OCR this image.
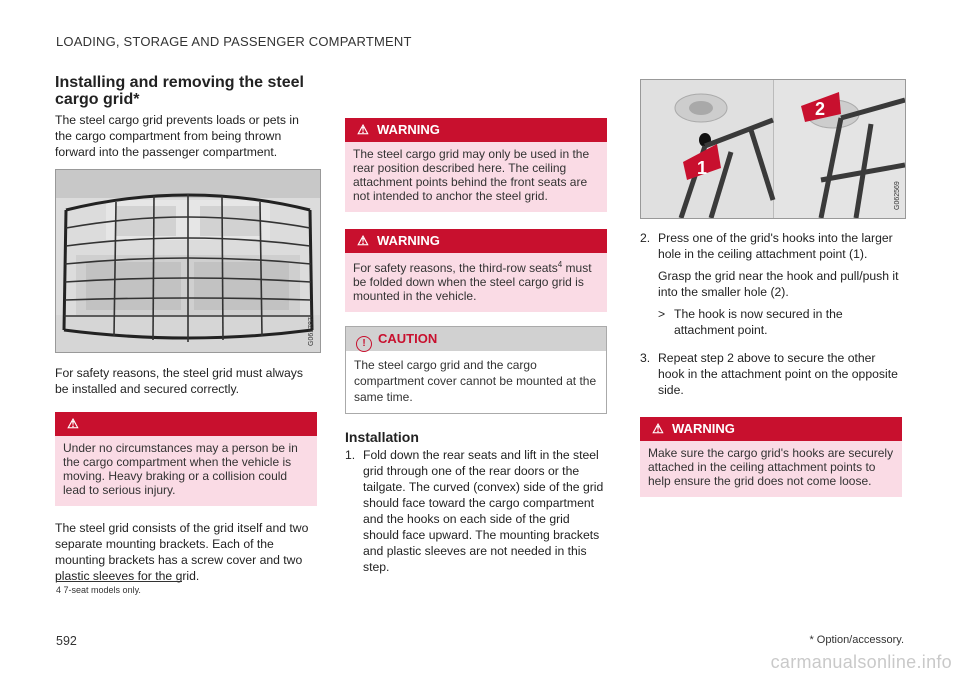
LOADING, STORAGE AND PASSENGER COMPARTMENT
Installing and removing the steel cargo grid*

The steel cargo grid prevents loads or pets in the cargo compartment from being thrown forward into the passenger compartment.

G061787

For safety reasons, the steel grid must always be installed and secured correctly.

⚠
Under no circumstances may a person be in the cargo compartment when the vehicle is moving. Heavy braking or a collision could lead to serious injury.

The steel grid consists of the grid itself and two separate mounting brackets. Each of the mounting brackets has a screw cover and two plastic sleeves for the grid.

⚠ WARNING
The steel cargo grid may only be used in the rear position described here. The ceiling attachment points behind the front seats are not intended to anchor the steel grid.
⚠ WARNING
For safety reasons, the third-row seats$^4$ must be folded down when the steel cargo grid is mounted in the vehicle.
! CAUTION
The steel cargo grid and the cargo compartment cover cannot be mounted at the same time.
Installation
1. Fold down the rear seats and lift in the steel grid through one of the rear doors or the tailgate. The curved (convex) side of the grid should face toward the cargo compartment and the hooks on each side of the grid should face upward. The mounting brackets and plastic sleeves are not needed in this step.
1
2
G062569
2. Press one of the grid's hooks into the larger hole in the ceiling attachment point (1).
Grasp the grid near the hook and pull/push it into the smaller hole (2).
> The hook is now secured in the attachment point.
3. Repeat step 2 above to secure the other hook in the attachment point on the opposite side.
⚠ WARNING
Make sure the cargo grid's hooks are securely attached in the ceiling attachment points to help ensure the grid does not come loose.
4 7-seat models only.
592	* Option/accessory.
carmanualsonline.info
